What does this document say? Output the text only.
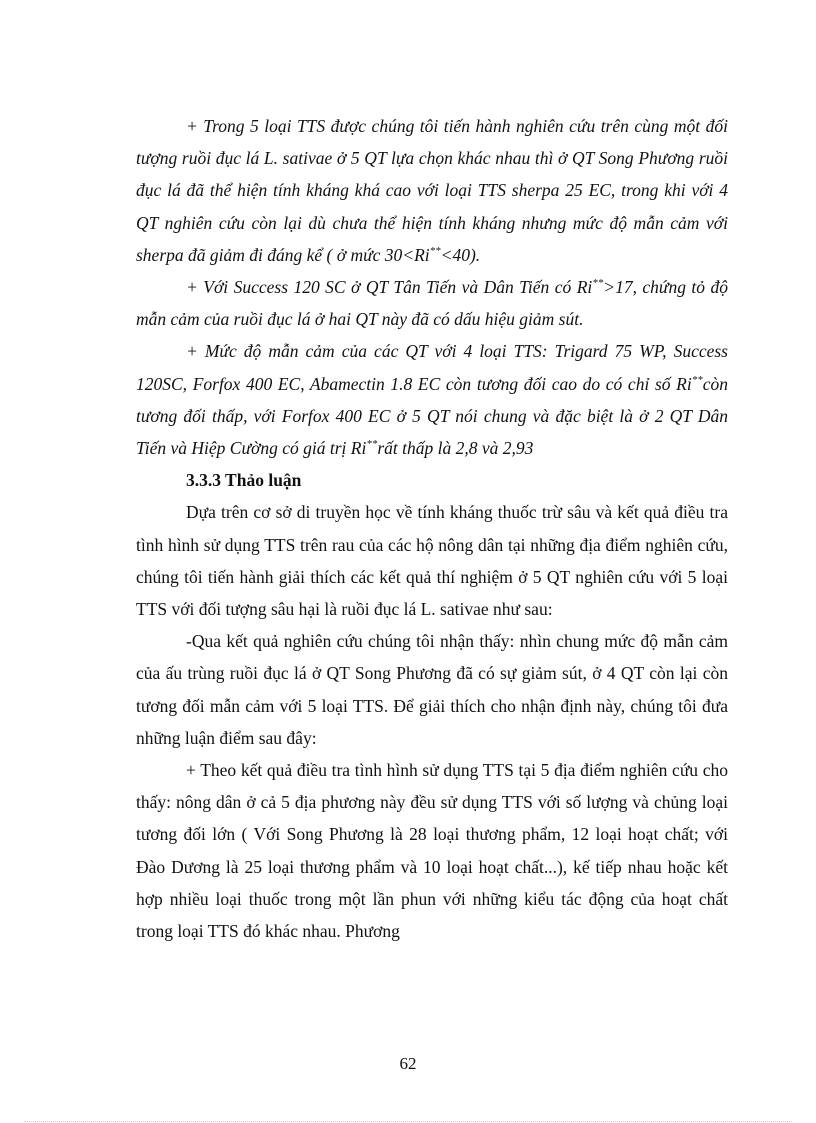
+ Trong 5 loại TTS được chúng tôi tiến hành nghiên cứu trên cùng một đối tượng ruồi đục lá L. sativae ở 5 QT lựa chọn khác nhau thì ở QT Song Phương ruồi đục lá đã thể hiện tính kháng khá cao với loại TTS sherpa 25 EC, trong khi với 4 QT nghiên cứu còn lại dù chưa thể hiện tính kháng nhưng mức độ mẫn cảm với sherpa đã giảm đi đáng kể ( ở mức 30<Ri**<40).

+ Với Success 120 SC ở QT Tân Tiến và Dân Tiến có Ri**>17, chứng tỏ độ mẫn cảm của ruồi đục lá ở hai QT này đã có dấu hiệu giảm sút.

+ Mức độ mẫn cảm của các QT với 4 loại TTS: Trigard 75 WP, Success 120SC, Forfox 400 EC, Abamectin 1.8 EC còn tương đối cao do có chỉ số Ri**còn tương đối thấp, với Forfox 400 EC ở 5 QT nói chung và đặc biệt là ở 2 QT Dân Tiến và Hiệp Cường có giá trị Ri**rất thấp là 2,8 và 2,93

3.3.3 Thảo luận

Dựa trên cơ sở di truyền học về tính kháng thuốc trừ sâu và kết quả điều tra tình hình sử dụng TTS trên rau của các hộ nông dân tại những địa điểm nghiên cứu, chúng tôi tiến hành giải thích các kết quả thí nghiệm ở 5 QT nghiên cứu với 5 loại TTS với đối tượng sâu hại là ruồi đục lá L. sativae như sau:

-Qua kết quả nghiên cứu chúng tôi nhận thấy: nhìn chung mức độ mẫn cảm của ấu trùng ruồi đục lá ở QT Song Phương đã có sự giảm sút, ở 4 QT còn lại còn tương đối mẫn cảm với 5 loại TTS. Để giải thích cho nhận định này, chúng tôi đưa những luận điểm sau đây:

+ Theo kết quả điều tra tình hình sử dụng TTS tại 5 địa điểm nghiên cứu cho thấy: nông dân ở cả 5 địa phương này đều sử dụng TTS với số lượng và chủng loại tương đối lớn ( Với Song Phương là 28 loại thương phẩm, 12 loại hoạt chất; với Đào Dương là 25 loại thương phẩm và 10 loại hoạt chất...), kế tiếp nhau hoặc kết hợp nhiều loại thuốc trong một lần phun với những kiểu tác động của hoạt chất trong loại TTS đó khác nhau. Phương

62
